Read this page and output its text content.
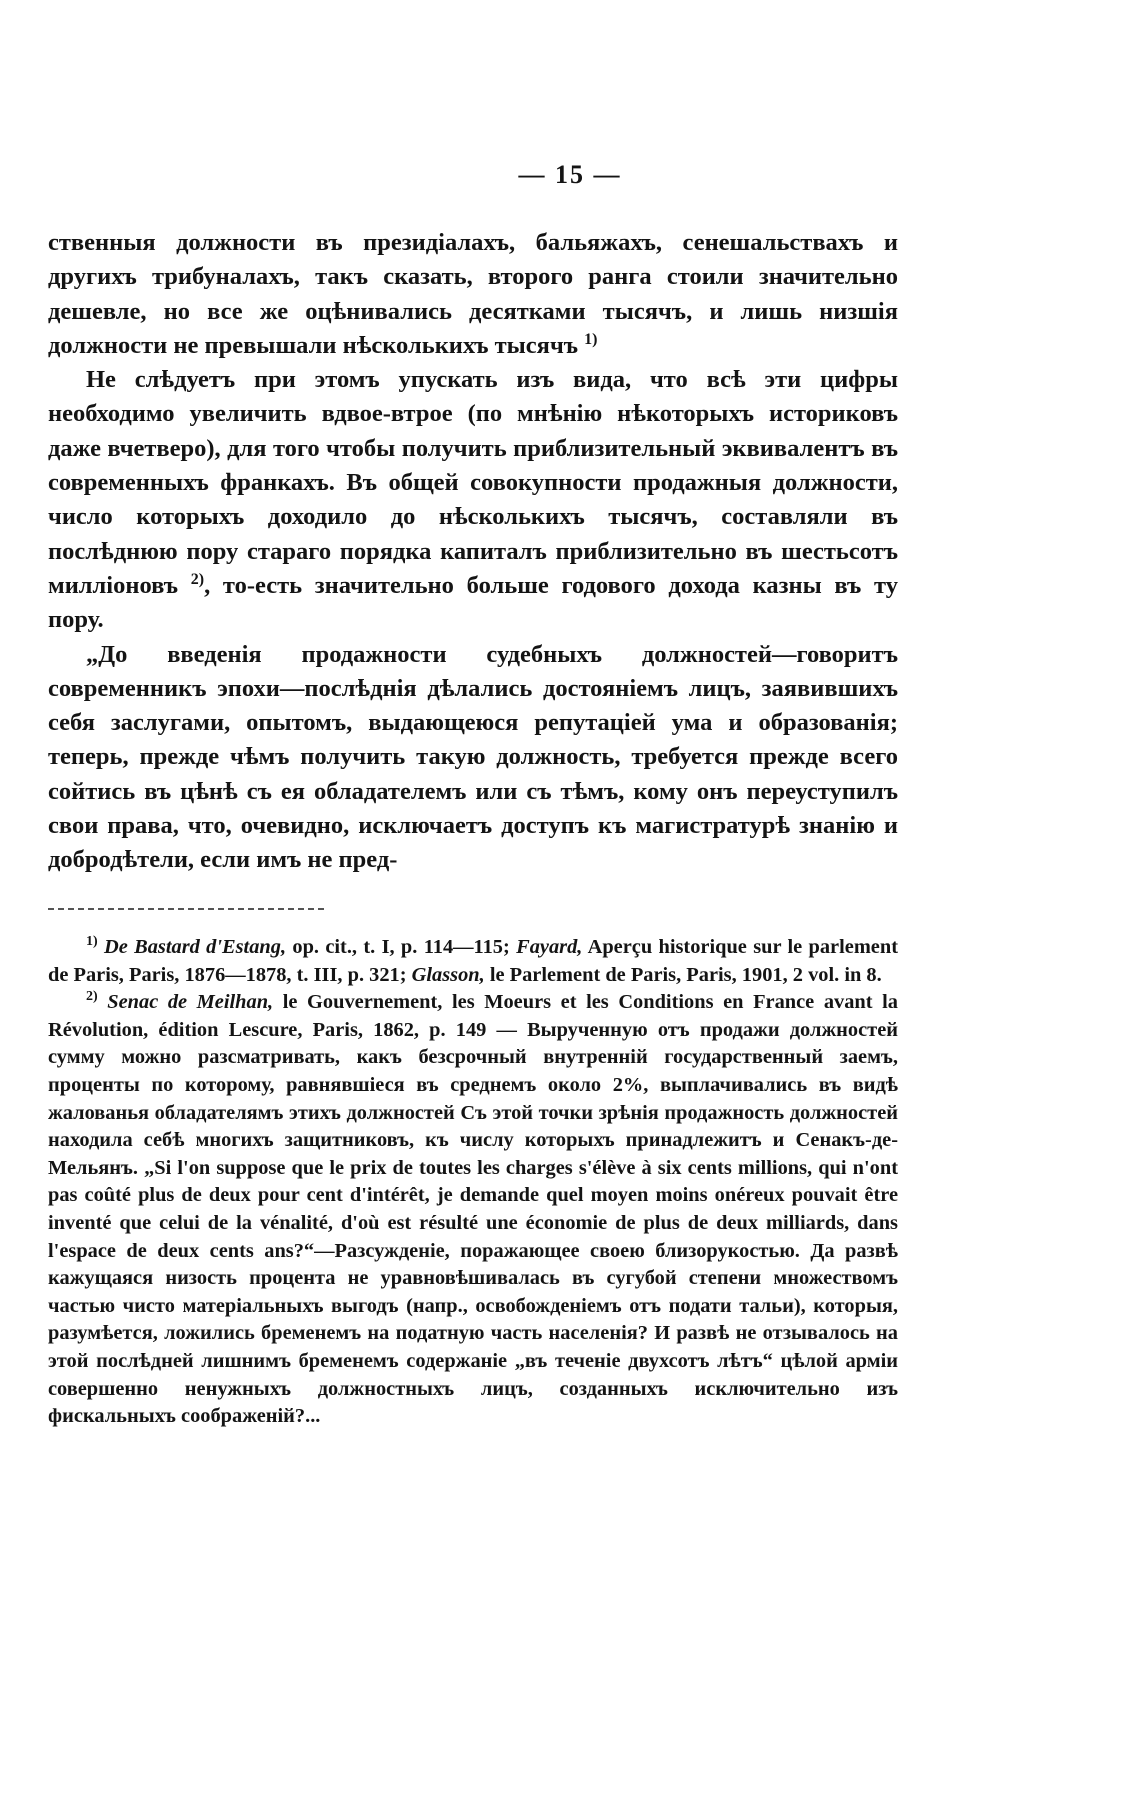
— 15 —

ственныя должности въ президіалахъ, бальяжахъ, сенешальствахъ и другихъ трибуналахъ, такъ сказать, второго ранга стоили значительно дешевле, но все же оцѣнивались десятками тысячъ, и лишь низшія должности не превышали нѣсколькихъ тысячъ $^{1)}$

Не слѣдуетъ при этомъ упускать изъ вида, что всѣ эти цифры необходимо увеличить вдвое-втрое (по мнѣнію нѣкоторыхъ историковъ даже вчетверо), для того чтобы получить приблизительный эквивалентъ въ современныхъ франкахъ. Въ общей совокупности продажныя должности, число которыхъ доходило до нѣсколькихъ тысячъ, составляли въ послѣднюю пору стараго порядка капиталъ приблизительно въ шестьсотъ милліоновъ $^{2)}$, то-есть значительно больше годового дохода казны въ ту пору.

„До введенія продажности судебныхъ должностей—говоритъ современникъ эпохи—послѣднія дѣлались достояніемъ лицъ, заявившихъ себя заслугами, опытомъ, выдающеюся репутаціей ума и образованія; теперь, прежде чѣмъ получить такую должность, требуется прежде всего сойтись въ цѣнѣ съ ея обладателемъ или съ тѣмъ, кому онъ переуступилъ свои права, что, очевидно, исключаетъ доступъ къ магистратурѣ знанію и добродѣтели, если имъ не пред-

$^{1)}$ De Bastard d'Estang, op. cit., t. I, p. 114—115; Fayard, Aperçu historique sur le parlement de Paris, Paris, 1876—1878, t. III, p. 321; Glasson, le Parlement de Paris, Paris, 1901, 2 vol. in 8.

$^{2)}$ Senac de Meilhan, le Gouvernement, les Moeurs et les Conditions en France avant la Révolution, édition Lescure, Paris, 1862, p. 149 — Вырученную отъ продажи должностей сумму можно разсматривать, какъ безсрочный внутренній государственный заемъ, проценты по которому, равнявшіеся въ среднемъ около 2%, выплачивались въ видѣ жалованья обладателямъ этихъ должностей Съ этой точки зрѣнія продажность должностей находила себѣ многихъ защитниковъ, къ числу которыхъ принадлежитъ и Сенакъ-де-Мельянъ. „Si l'on suppose que le prix de toutes les charges s'élève à six cents millions, qui n'ont pas coûté plus de deux pour cent d'intérêt, je demande quel moyen moins onéreux pouvait être inventé que celui de la vénalité, d'où est résulté une économie de plus de deux milliards, dans l'espace de deux cents ans?“—Разсужденіе, поражающее своею близорукостью. Да развѣ кажущаяся низость процента не уравновѣшивалась въ сугубой степени множествомъ частью чисто матеріальныхъ выгодъ (напр., освобожденіемъ отъ подати тальи), которыя, разумѣется, ложились бременемъ на податную часть населенія? И развѣ не отзывалось на этой послѣдней лишнимъ бременемъ содержаніе „въ теченіе двухсотъ лѣтъ“ цѣлой арміи совершенно ненужныхъ должностныхъ лицъ, созданныхъ исключительно изъ фискальныхъ соображеній?...
